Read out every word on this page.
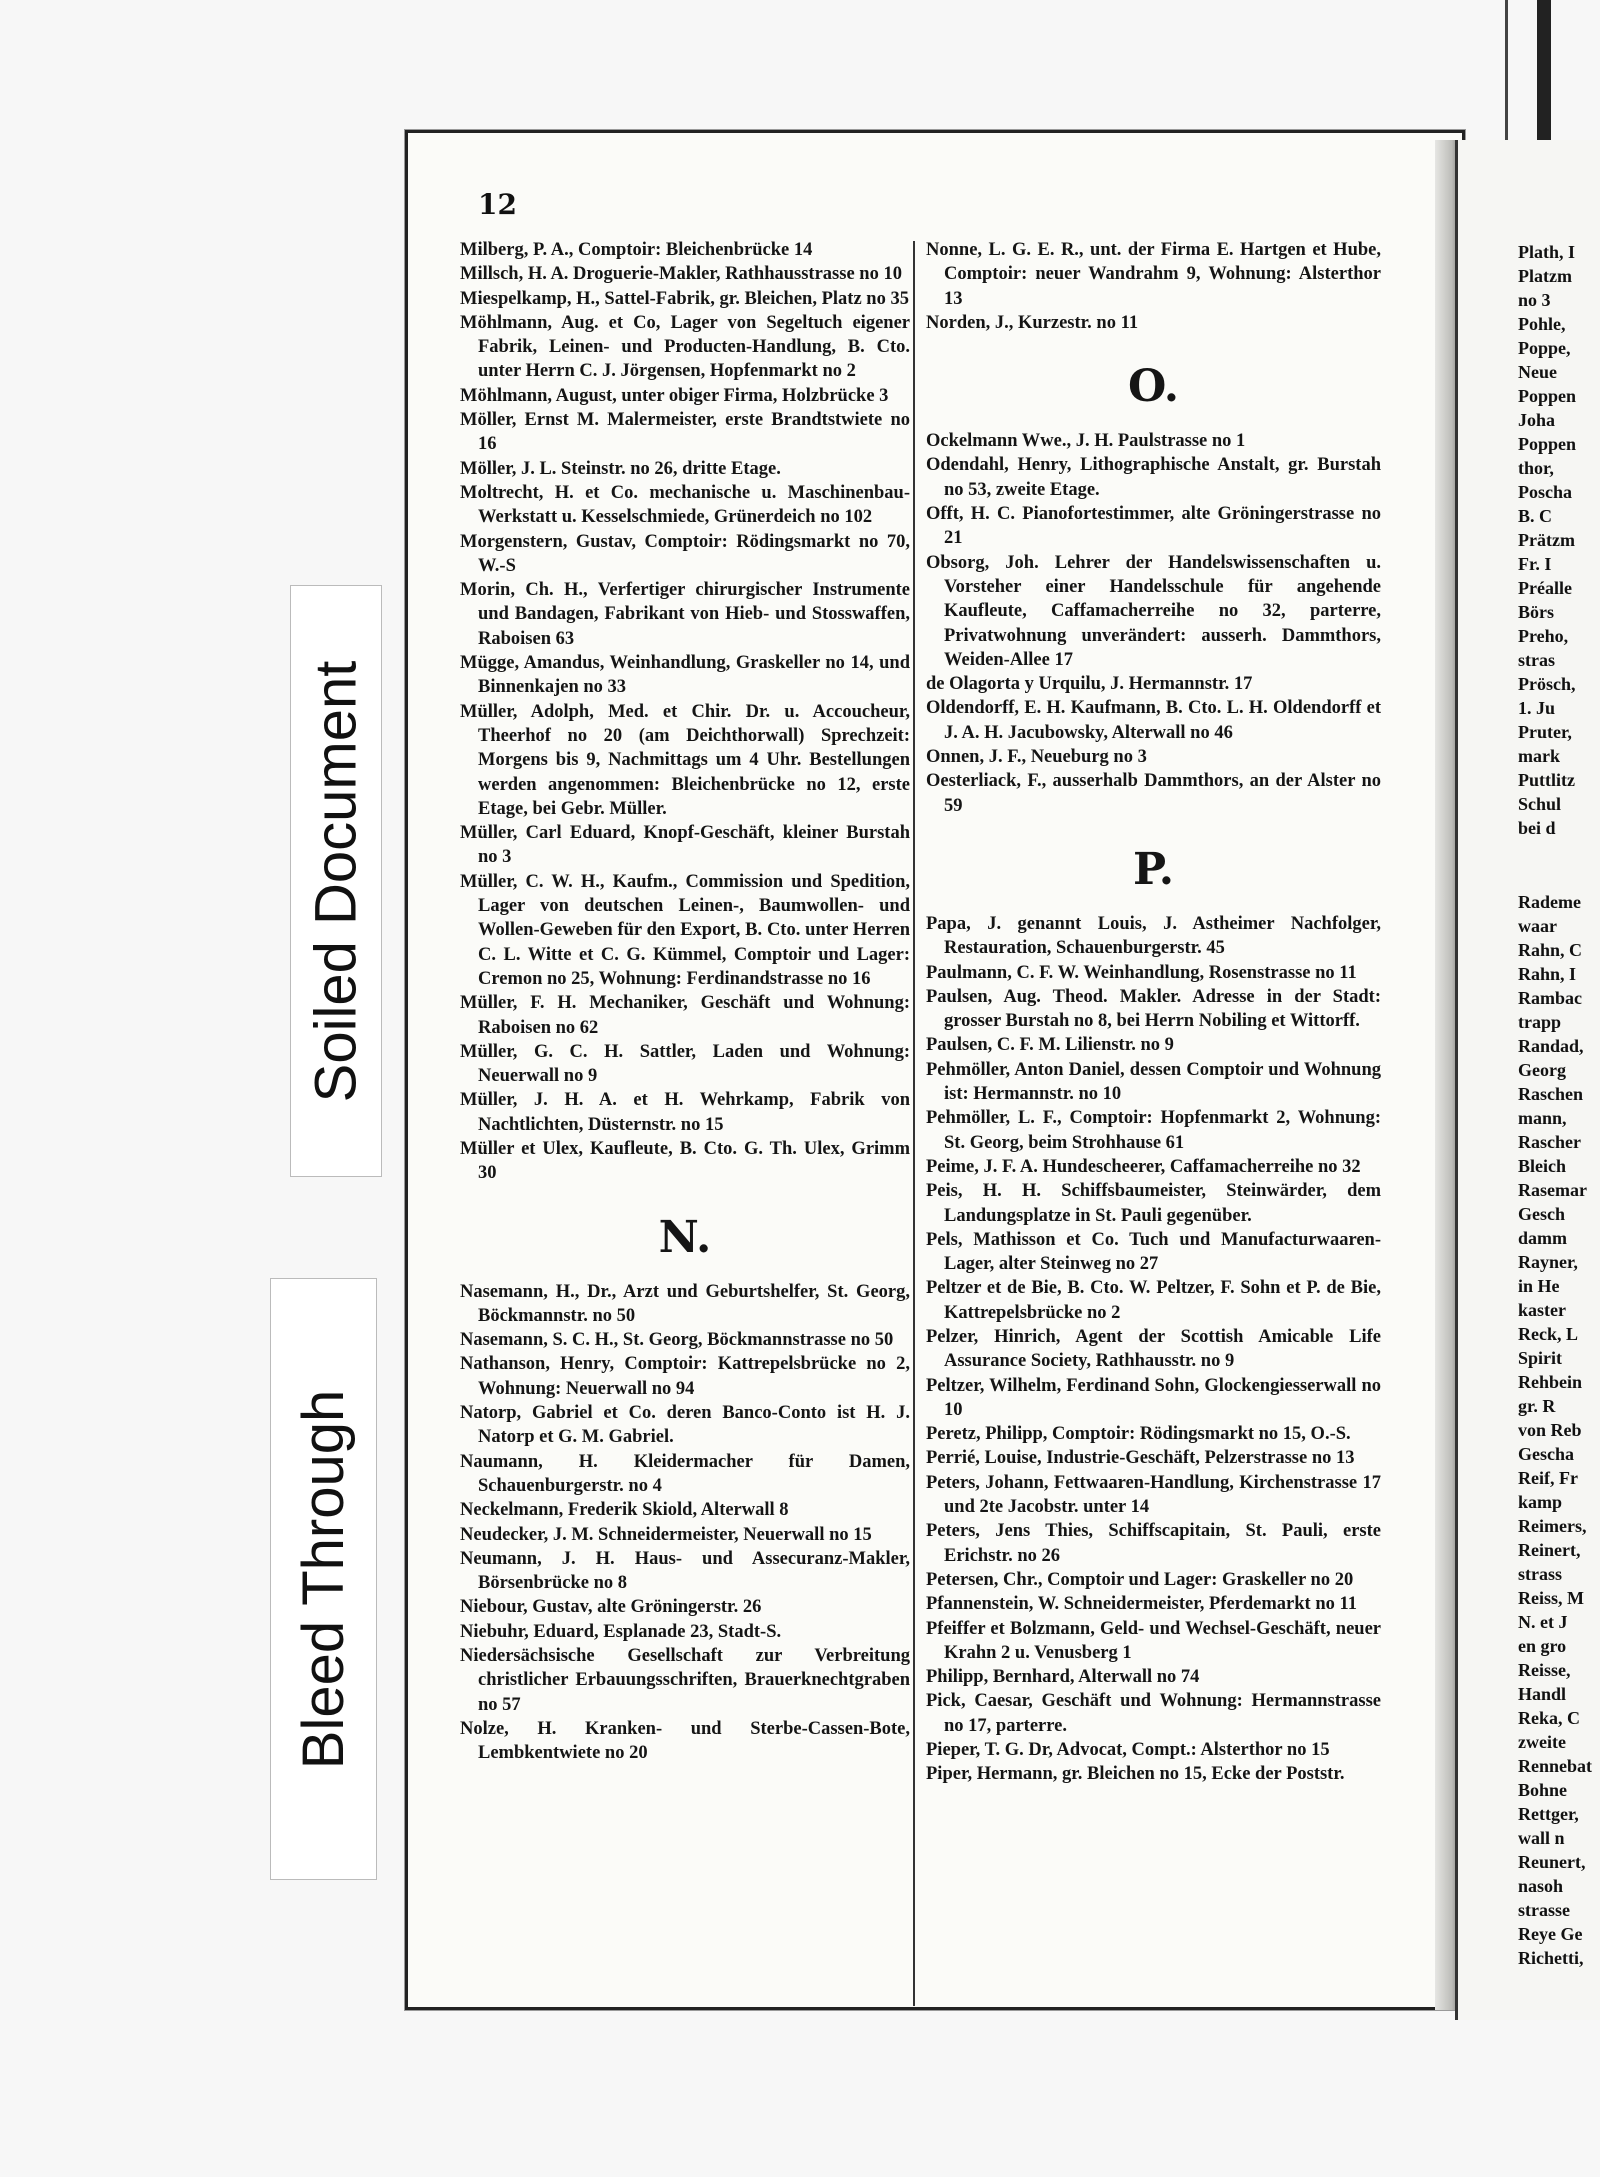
12
Milberg, P. A., Comptoir: Bleichenbrücke 14
Millsch, H. A. Droguerie-Makler, Rathhausstrasse no 10
Miespelkamp, H., Sattel-Fabrik, gr. Bleichen, Platz no 35
Möhlmann, Aug. et Co, Lager von Segeltuch eigener Fabrik, Leinen- und Producten-Handlung, B. Cto. unter Herrn C. J. Jörgensen, Hopfenmarkt no 2
Möhlmann, August, unter obiger Firma, Holzbrücke 3
Möller, Ernst M. Malermeister, erste Brandtstwiete no 16
Möller, J. L. Steinstr. no 26, dritte Etage.
Moltrecht, H. et Co. mechanische u. Maschinenbau-Werkstatt u. Kesselschmiede, Grünerdeich no 102
Morgenstern, Gustav, Comptoir: Rödingsmarkt no 70, W.-S
Morin, Ch. H., Verfertiger chirurgischer Instrumente und Bandagen, Fabrikant von Hieb- und Stosswaffen, Raboisen 63
Mügge, Amandus, Weinhandlung, Graskeller no 14, und Binnenkajen no 33
Müller, Adolph, Med. et Chir. Dr. u. Accoucheur, Theerhof no 20 (am Deichthorwall) Sprechzeit: Morgens bis 9, Nachmittags um 4 Uhr. Bestellungen werden angenommen: Bleichenbrücke no 12, erste Etage, bei Gebr. Müller.
Müller, Carl Eduard, Knopf-Geschäft, kleiner Burstah no 3
Müller, C. W. H., Kaufm., Commission und Spedition, Lager von deutschen Leinen-, Baumwollen- und Wollen-Geweben für den Export, B. Cto. unter Herren C. L. Witte et C. G. Kümmel, Comptoir und Lager: Cremon no 25, Wohnung: Ferdinandstrasse no 16
Müller, F. H. Mechaniker, Geschäft und Wohnung: Raboisen no 62
Müller, G. C. H. Sattler, Laden und Wohnung: Neuerwall no 9
Müller, J. H. A. et H. Wehrkamp, Fabrik von Nachtlichten, Düsternstr. no 15
Müller et Ulex, Kaufleute, B. Cto. G. Th. Ulex, Grimm 30
N.
Nasemann, H., Dr., Arzt und Geburtshelfer, St. Georg, Böckmannstr. no 50
Nasemann, S. C. H., St. Georg, Böckmannstrasse no 50
Nathanson, Henry, Comptoir: Kattrepelsbrücke no 2, Wohnung: Neuerwall no 94
Natorp, Gabriel et Co. deren Banco-Conto ist H. J. Natorp et G. M. Gabriel.
Naumann, H. Kleidermacher für Damen, Schauenburgerstr. no 4
Neckelmann, Frederik Skiold, Alterwall 8
Neudecker, J. M. Schneidermeister, Neuerwall no 15
Neumann, J. H. Haus- und Assecuranz-Makler, Börsenbrücke no 8
Niebour, Gustav, alte Gröningerstr. 26
Niebuhr, Eduard, Esplanade 23, Stadt-S.
Niedersächsische Gesellschaft zur Verbreitung christlicher Erbauungsschriften, Brauerknechtgraben no 57
Nolze, H. Kranken- und Sterbe-Cassen-Bote, Lembkentwiete no 20
Nonne, L. G. E. R., unt. der Firma E. Hartgen et Hube, Comptoir: neuer Wandrahm 9, Wohnung: Alsterthor 13
Norden, J., Kurzestr. no 11
O.
Ockelmann Wwe., J. H. Paulstrasse no 1
Odendahl, Henry, Lithographische Anstalt, gr. Burstah no 53, zweite Etage.
Offt, H. C. Pianofortestimmer, alte Gröningerstrasse no 21
Obsorg, Joh. Lehrer der Handelswissenschaften u. Vorsteher einer Handelsschule für angehende Kaufleute, Caffamacherreihe no 32, parterre, Privatwohnung unverändert: ausserh. Dammthors, Weiden-Allee 17
de Olagorta y Urquilu, J. Hermannstr. 17
Oldendorff, E. H. Kaufmann, B. Cto. L. H. Oldendorff et J. A. H. Jacubowsky, Alterwall no 46
Onnen, J. F., Neueburg no 3
Oesterliack, F., ausserhalb Dammthors, an der Alster no 59
P.
Papa, J. genannt Louis, J. Astheimer Nachfolger, Restauration, Schauenburgerstr. 45
Paulmann, C. F. W. Weinhandlung, Rosenstrasse no 11
Paulsen, Aug. Theod. Makler. Adresse in der Stadt: grosser Burstah no 8, bei Herrn Nobiling et Wittorff.
Paulsen, C. F. M. Lilienstr. no 9
Pehmöller, Anton Daniel, dessen Comptoir und Wohnung ist: Hermannstr. no 10
Pehmöller, L. F., Comptoir: Hopfenmarkt 2, Wohnung: St. Georg, beim Strohhause 61
Peime, J. F. A. Hundescheerer, Caffamacherreihe no 32
Peis, H. H. Schiffsbaumeister, Steinwärder, dem Landungsplatze in St. Pauli gegenüber.
Pels, Mathisson et Co. Tuch und Manufacturwaaren-Lager, alter Steinweg no 27
Peltzer et de Bie, B. Cto. W. Peltzer, F. Sohn et P. de Bie, Kattrepelsbrücke no 2
Pelzer, Hinrich, Agent der Scottish Amicable Life Assurance Society, Rathhausstr. no 9
Peltzer, Wilhelm, Ferdinand Sohn, Glockengiesserwall no 10
Peretz, Philipp, Comptoir: Rödingsmarkt no 15, O.-S.
Perrié, Louise, Industrie-Geschäft, Pelzerstrasse no 13
Peters, Johann, Fettwaaren-Handlung, Kirchenstrasse 17 und 2te Jacobstr. unter 14
Peters, Jens Thies, Schiffscapitain, St. Pauli, erste Erichstr. no 26
Petersen, Chr., Comptoir und Lager: Graskeller no 20
Pfannenstein, W. Schneidermeister, Pferdemarkt no 11
Pfeiffer et Bolzmann, Geld- und Wechsel-Geschäft, neuer Krahn 2 u. Venusberg 1
Philipp, Bernhard, Alterwall no 74
Pick, Caesar, Geschäft und Wohnung: Hermannstrasse no 17, parterre.
Pieper, T. G. Dr, Advocat, Compt.: Alsterthor no 15
Piper, Hermann, gr. Bleichen no 15, Ecke der Poststr.
Plath, I
Platzm
no 3
Pohle,
Poppe,
Neue
Poppen
Joha
Poppen
thor,
Poscha
B. C
Prätzm
Fr. I
Préalle
Börs
Preho,
stras
Prösch,
1. Ju
Pruter,
mark
Puttlitz
Schul
bei d
Rademe
waar
Rahn, C
Rahn, I
Rambac
trapp
Randad,
Georg
Raschen
mann,
Rascher
Bleich
Rasemar
Gesch
damm
Rayner,
in He
kaster
Reck, L
Spirit
Rehbein
gr. R
von Reb
Gescha
Reif, Fr
kamp
Reimers,
Reinert,
strass
Reiss, M
N. et J
en gro
Reisse,
Handl
Reka, C
zweite
Rennebat
Bohne
Rettger,
wall n
Reunert,
nasoh
strasse
Reye Ge
Richetti,
Soiled Document
Bleed Through
